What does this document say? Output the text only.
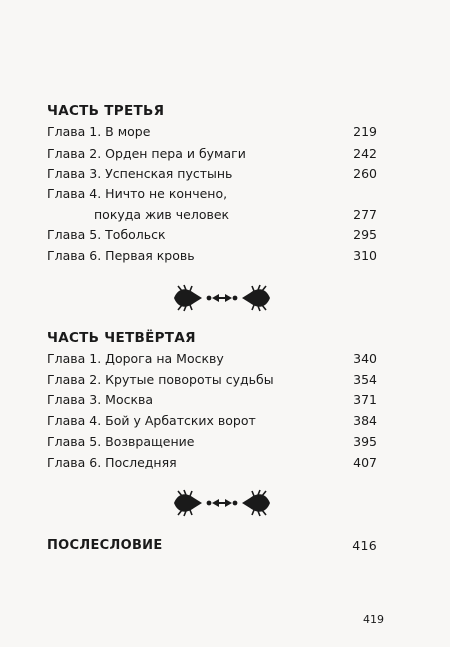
ЧАСТЬ ТРЕТЬЯ
Глава 1. В море	219
Глава 2. Орден пера и бумаги	242
Глава 3. Успенская пустынь	260
Глава 4. Ничто не кончено,
покуда жив человек	277
Глава 5. Тобольск	295
Глава 6. Первая кровь	310
ЧАСТЬ ЧЕТВЁРТАЯ
Глава 1. Дорога на Москву	340
Глава 2. Крутые повороты судьбы	354
Глава 3. Москва	371
Глава 4. Бой у Арбатских ворот	384
Глава 5. Возвращение	395
Глава 6. Последняя	407
ПОСЛЕСЛОВИЕ	416
419
